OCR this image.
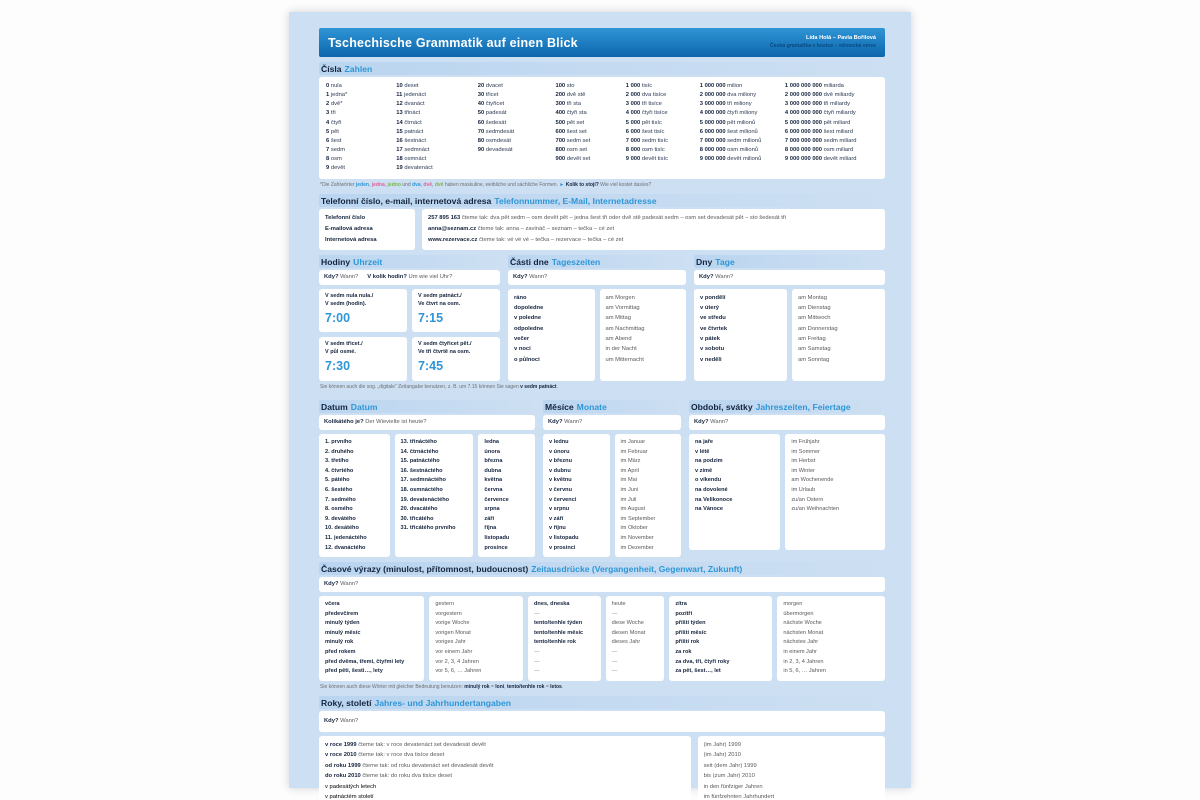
Tschechische Grammatik auf einen Blick	Lída Holá – Pavla Bořilová
Česká gramatika v kostce – německá verze
Čísla Zahlen
0 nula
1 jedna*
2 dvě*
3 tři
4 čtyři
5 pět
6 šest
7 sedm
8 osm
9 devět
10 deset
11 jedenáct
12 dvanáct
13 třináct
14 čtrnáct
15 patnáct
16 šestnáct
17 sedmnáct
18 osmnáct
19 devatenáct
20 dvacet
30 třicet
40 čtyřicet
50 padesát
60 šedesát
70 sedmdesát
80 osmdesát
90 devadesát
100 sto
200 dvě stě
300 tři sta
400 čtyři sta
500 pět set
600 šest set
700 sedm set
800 osm set
900 devět set
1 000 tisíc
2 000 dva tisíce
3 000 tři tisíce
4 000 čtyři tisíce
5 000 pět tisíc
6 000 šest tisíc
7 000 sedm tisíc
8 000 osm tisíc
9 000 devět tisíc
1 000 000 milion
2 000 000 dva miliony
3 000 000 tři miliony
4 000 000 čtyři miliony
5 000 000 pět milionů
6 000 000 šest milionů
7 000 000 sedm milionů
8 000 000 osm milionů
9 000 000 devět milionů
1 000 000 000 miliarda
2 000 000 000 dvě miliardy
3 000 000 000 tři miliardy
4 000 000 000 čtyři miliardy
5 000 000 000 pět miliard
6 000 000 000 šest miliard
7 000 000 000 sedm miliard
8 000 000 000 osm miliard
9 000 000 000 devět miliard
*Die Zahlwörter jeden, jedna, jedno und dva, dvě, dvě haben maskuline, weibliche und sächliche Formen. ► Kolik to stojí? Wie viel kostet das/es?
Telefonní číslo, e-mail, internetová adresa Telefonnummer, E-Mail, Internetadresse
Telefonní číslo
E-mailová adresa
Internetová adresa
257 895 163 čteme tak: dva pět sedm – osm devět pět – jedna šest tři oder dvě stě padesát sedm – osm set devadesát pět – sto šedesát tři
anna@seznam.cz čteme tak: anna – zavináč – seznam – tečka – cé zet
www.rezervace.cz čteme tak: vé vé vé – tečka – rezervace – tečka – cé zet
Hodiny Uhrzeit
Kdy? Wann? V kolik hodin? Um wie viel Uhr?
V sedm nula nula./
V sedm (hodin).
7:00
V sedm patnáct./
Ve čtvrt na osm.
7:15
V sedm třicet./
V půl osmé.
7:30
V sedm čtyřicet pět./
Ve tři čtvrtě na osm.
7:45
Části dne Tageszeiten
Kdy? Wann?
ráno
dopoledne
v poledne
odpoledne
večer
v noci
o půlnoci
am Morgen
am Vormittag
am Mittag
am Nachmittag
am Abend
in der Nacht
um Mitternacht
Dny Tage
Kdy? Wann?
v pondělí
v úterý
ve středu
ve čtvrtek
v pátek
v sobotu
v neděli
am Montag
am Dienstag
am Mittwoch
am Donnerstag
am Freitag
am Samstag
am Sonntag
Sie können auch die sog. „digitale“ Zeitangabe benutzen, z. B. um 7.15 können Sie sagen v sedm patnáct.
Datum Datum
Kolikátého je? Der Wievielte ist heute?
1. prvního
2. druhého
3. třetího
4. čtvrtého
5. pátého
6. šestého
7. sedmého
8. osmého
9. devátého
10. desátého
11. jedenáctého
12. dvanáctého
13. třináctého
14. čtrnáctého
15. patnáctého
16. šestnáctého
17. sedmnáctého
18. osmnáctého
19. devatenáctého
20. dvacátého
30. třicátého
31. třicátého prvního
ledna
února
března
dubna
května
června
července
srpna
září
října
listopadu
prosince
Měsíce Monate
Kdy? Wann?
v lednu
v únoru
v březnu
v dubnu
v květnu
v červnu
v červenci
v srpnu
v září
v říjnu
v listopadu
v prosinci
im Januar
im Februar
im März
im April
im Mai
im Juni
im Juli
im August
im September
im Oktober
im November
im Dezember
Období, svátky Jahreszeiten, Feiertage
Kdy? Wann?
na jaře
v létě
na podzim
v zimě
o víkendu
na dovolené
na Velikonoce
na Vánoce
im Frühjahr
im Sommer
im Herbst
im Winter
am Wochenende
im Urlaub
zu/an Ostern
zu/an Weihnachten
Časové výrazy (minulost, přítomnost, budoucnost) Zeitausdrücke (Vergangenheit, Gegenwart, Zukunft)
Kdy? Wann?
včera
předevčírem
minulý týden
minulý měsíc
minulý rok
před rokem
před dvěma, třemi, čtyřmi lety
před pěti, šesti…, lety
gestern
vorgestern
vorige Woche
vorigen Monat
voriges Jahr
vor einem Jahr
vor 2, 3, 4 Jahren
vor 5, 6, … Jahren
dnes, dneska
—
tento/tenhle týden
tento/tenhle měsíc
tento/tenhle rok
—
—
—
heute
—
diese Woche
diesen Monat
dieses Jahr
—
—
—
zítra
pozítří
příští týden
příští měsíc
příští rok
za rok
za dva, tři, čtyři roky
za pět, šest…, let
morgen
übermorgen
nächste Woche
nächsten Monat
nächstes Jahr
in einem Jahr
in 2, 3, 4 Jahren
in 5, 6, … Jahren
Sie können auch diese Wörter mit gleicher Bedeutung benutzen: minulý rok = loni, tento/tenhle rok = letos.
Roky, století Jahres- und Jahrhundertangaben
Kdy? Wann?
v roce 1999 čteme tak: v roce devatenáct set devadesát devět
v roce 2010 čteme tak: v roce dva tisíce deset
od roku 1999 čteme tak: od roku devatenáct set devadesát devět
do roku 2010 čteme tak: do roku dva tisíce deset
v padesátých letech
v patnáctém století
(im Jahr) 1999
(im Jahr) 2010
seit (dem Jahr) 1999
bis (zum Jahr) 2010
in den fünfziger Jahren
im fünfzehnten Jahrhundert
